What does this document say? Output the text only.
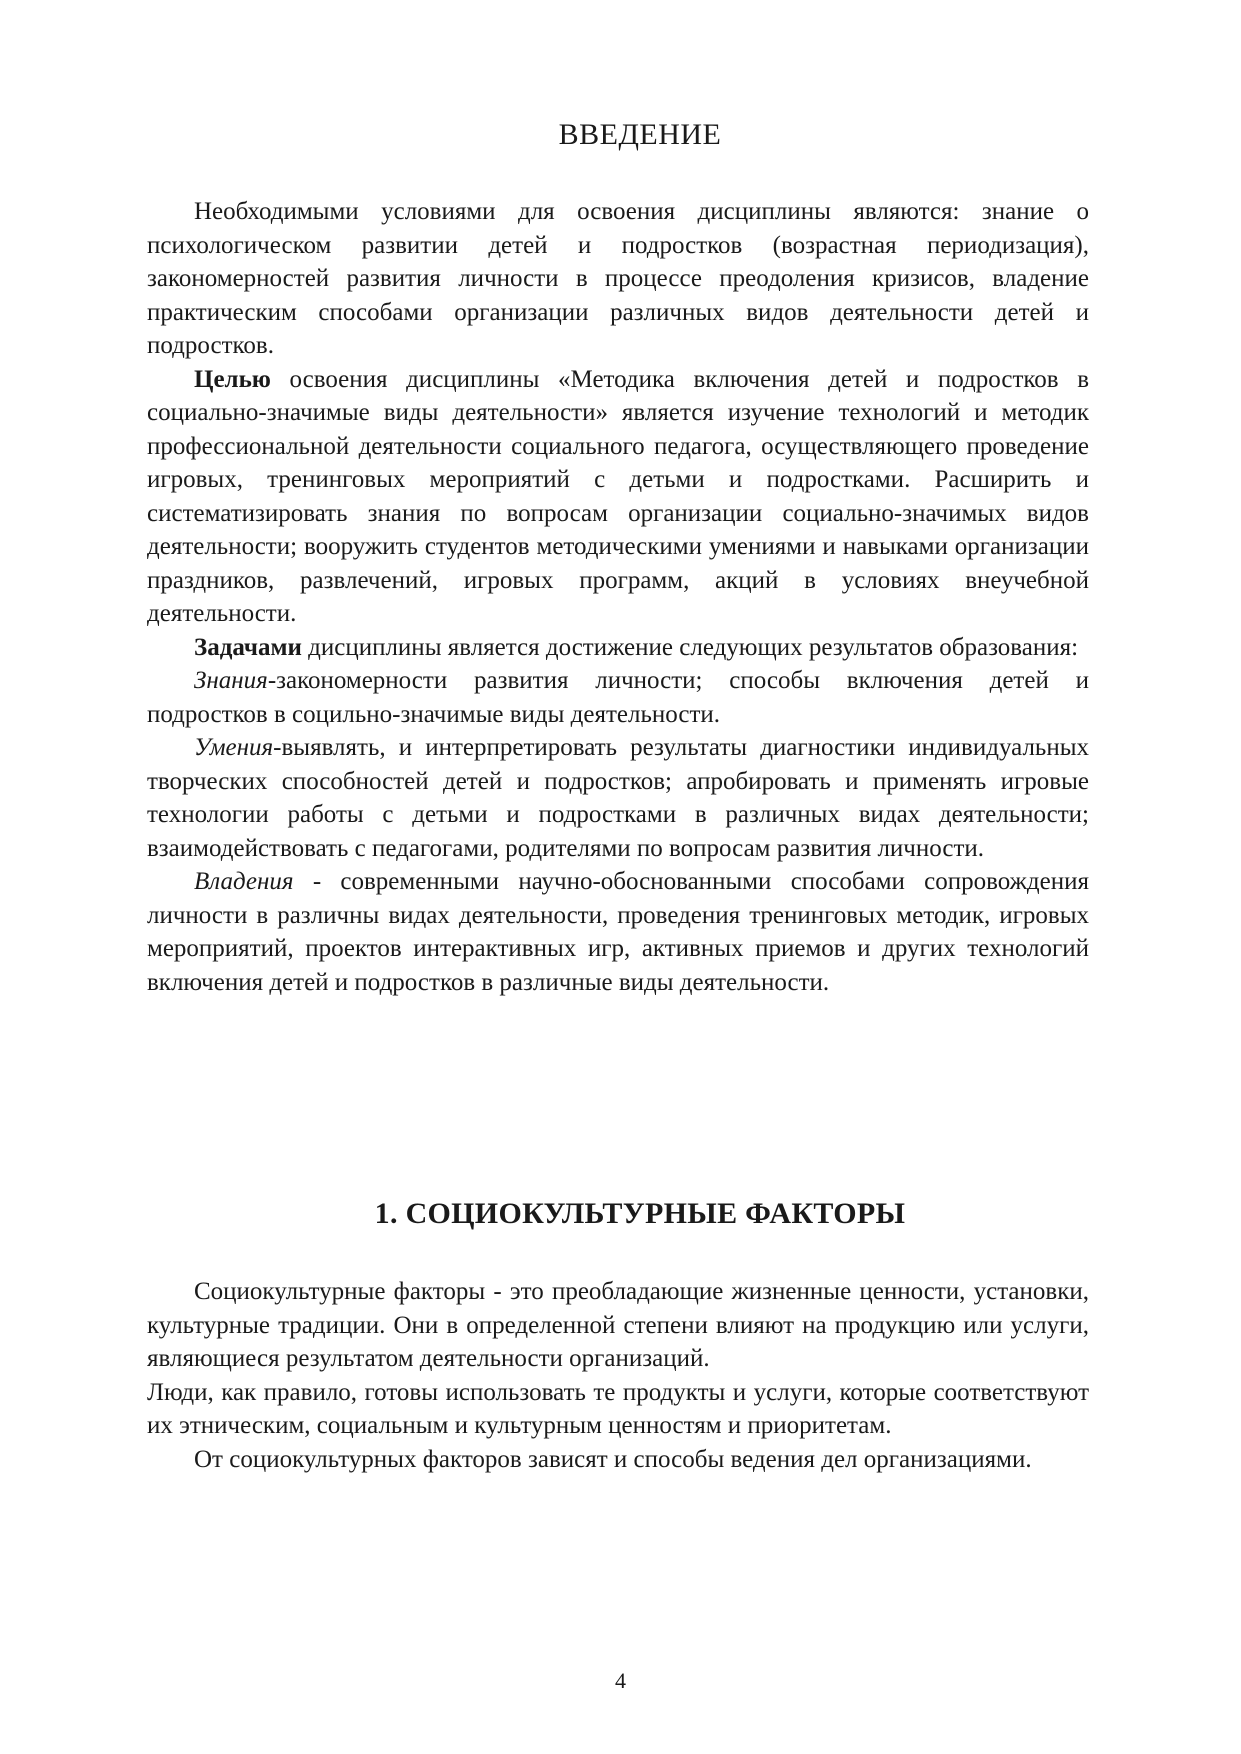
ВВЕДЕНИЕ

Необходимыми условиями для освоения дисциплины являются: знание о психологическом развитии детей и подростков (возрастная периодизация), закономерностей развития личности в процессе преодоления кризисов, владение практическим способами организации различных видов деятельности детей и подростков.

Целью освоения дисциплины «Методика включения детей и подростков в социально-значимые виды деятельности» является изучение технологий и методик профессиональной деятельности социального педагога, осуществляющего проведение игровых, тренинговых мероприятий с детьми и подростками. Расширить и систематизировать знания по вопросам организации социально-значимых видов деятельности; вооружить студентов методическими умениями и навыками организации праздников, развлечений, игровых программ, акций в условиях внеучебной деятельности.

Задачами дисциплины является достижение следующих результатов образования:

Знания-закономерности развития личности; способы включения детей и подростков в социльно-значимые виды деятельности.

Умения-выявлять, и интерпретировать результаты диагностики индивидуальных творческих способностей детей и подростков; апробировать и применять игровые технологии работы с детьми и подростками в различных видах деятельности; взаимодействовать с педагогами, родителями по вопросам развития личности.

Владения - современными научно-обоснованными способами сопровождения личности в различны видах деятельности, проведения тренинговых методик, игровых мероприятий, проектов интерактивных игр, активных приемов и других технологий включения детей и подростков в различные виды деятельности.

1. СОЦИОКУЛЬТУРНЫЕ ФАКТОРЫ

Социокультурные факторы - это преобладающие жизненные ценности, установки, культурные традиции. Они в определенной степени влияют на продукцию или услуги, являющиеся результатом деятельности организаций.

Люди, как правило, готовы использовать те продукты и услуги, которые соответствуют их этническим, социальным и культурным ценностям и приоритетам.

От социокультурных факторов зависят и способы ведения дел организациями.

4
